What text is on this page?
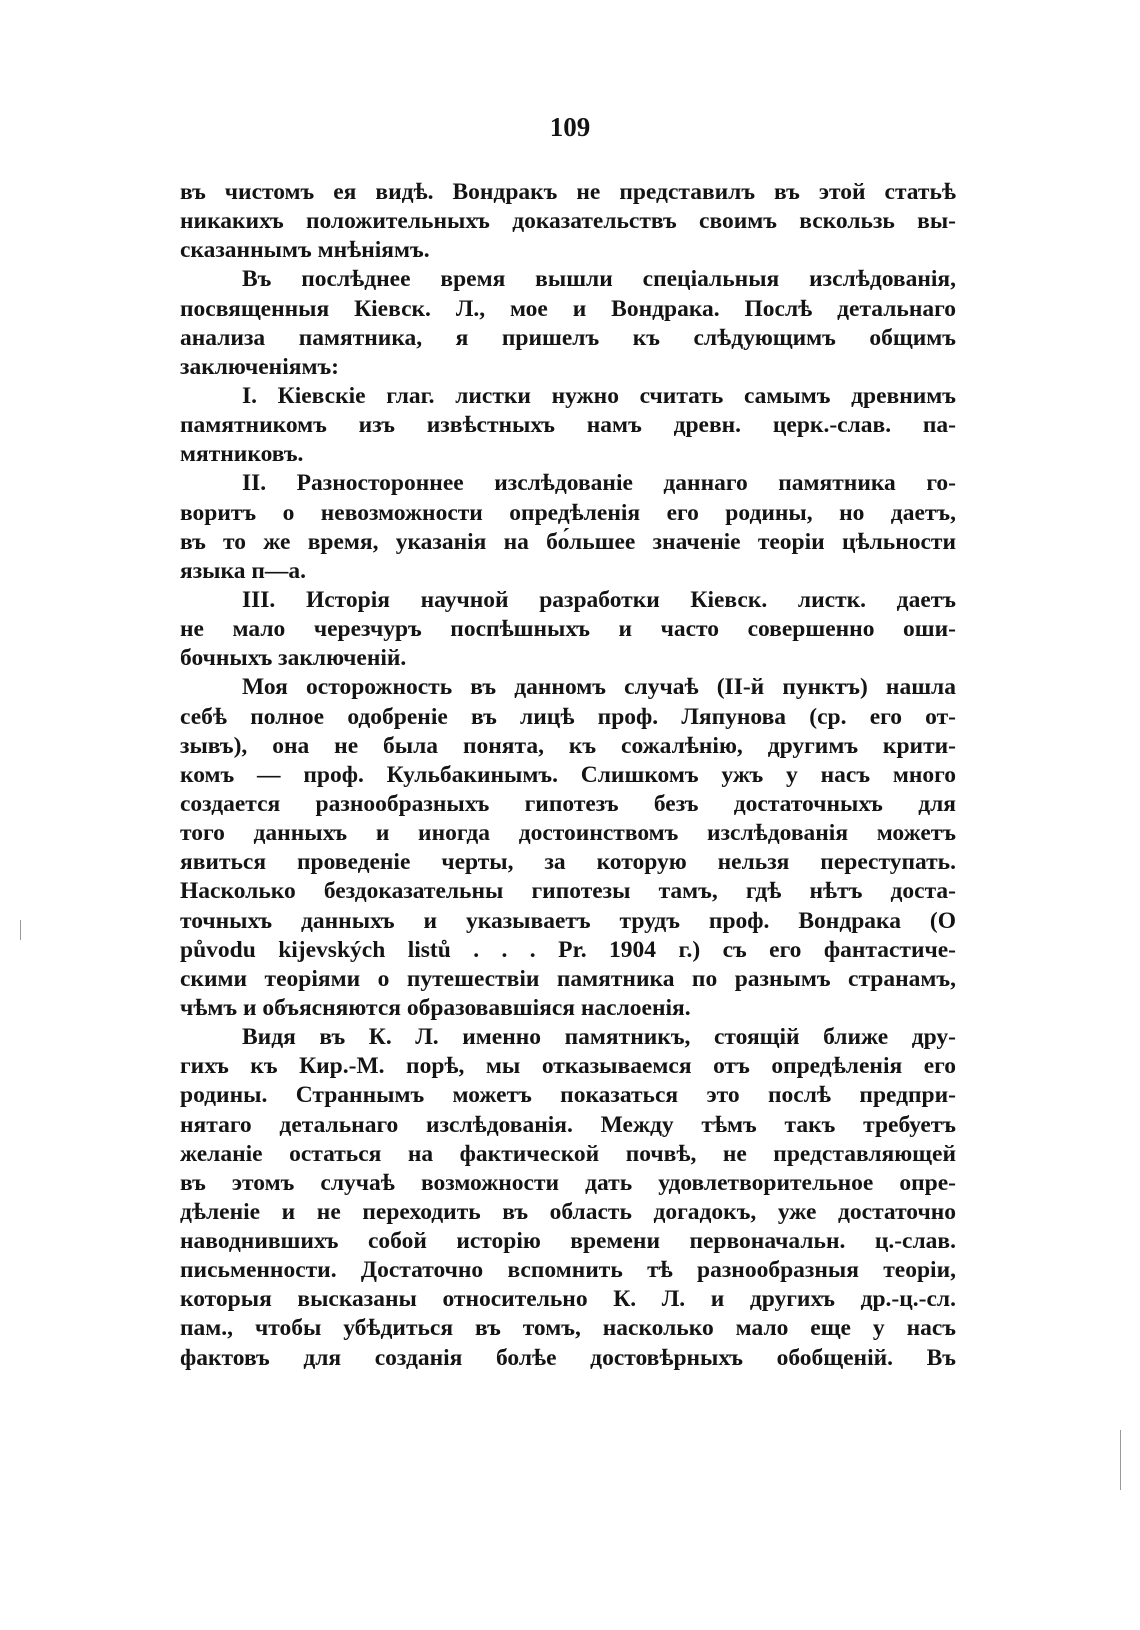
109
въ чистомъ ея видѣ. Вондракъ не представилъ въ этой статьѣ
никакихъ положительныхъ доказательствъ своимъ вскользь вы-
сказаннымъ мнѣніямъ.
Въ послѣднее время вышли спеціальныя изслѣдованія,
посвященныя Кіевск. Л., мое и Вондрака. Послѣ детальнаго
анализа памятника, я пришелъ къ слѣдующимъ общимъ
заключеніямъ:
I. Кіевскіе глаг. листки нужно считать самымъ древнимъ
памятникомъ изъ извѣстныхъ намъ древн. церк.-слав. па-
мятниковъ.
II. Разностороннее изслѣдованіе даннаго памятника го-
воритъ о невозможности опредѣленія его родины, но даетъ,
въ то же время, указанія на бо́льшее значеніе теоріи цѣльности
языка п—а.
III. Исторія научной разработки Кіевск. листк. даетъ
не мало черезчуръ поспѣшныхъ и часто совершенно оши-
бочныхъ заключеній.
Моя осторожность въ данномъ случаѣ (II-й пунктъ) нашла
себѣ полное одобреніе въ лицѣ проф. Ляпунова (ср. его от-
зывъ), она не была понята, къ сожалѣнію, другимъ крити-
комъ — проф. Кульбакинымъ. Слишкомъ ужъ у насъ много
создается разнообразныхъ гипотезъ безъ достаточныхъ для
того данныхъ и иногда достоинствомъ изслѣдованія можетъ
явиться проведеніе черты, за которую нельзя переступать.
Насколько бездоказательны гипотезы тамъ, гдѣ нѣтъ доста-
точныхъ данныхъ и указываетъ трудъ проф. Вондрака (O
původu kijevských listů . . . Pr. 1904 г.) съ его фантастиче-
скими теоріями о путешествіи памятника по разнымъ странамъ,
чѣмъ и объясняются образовавшіяся наслоенія.
Видя въ К. Л. именно памятникъ, стоящій ближе дру-
гихъ къ Кир.-М. порѣ, мы отказываемся отъ опредѣленія его
родины. Страннымъ можетъ показаться это послѣ предпри-
нятаго детальнаго изслѣдованія. Между тѣмъ такъ требуетъ
желаніе остаться на фактической почвѣ, не представляющей
въ этомъ случаѣ возможности дать удовлетворительное опре-
дѣленіе и не переходить въ область догадокъ, уже достаточно
наводнившихъ собой исторію времени первоначальн. ц.-слав.
письменности. Достаточно вспомнить тѣ разнообразныя теоріи,
которыя высказаны относительно К. Л. и другихъ др.-ц.-сл.
пам., чтобы убѣдиться въ томъ, насколько мало еще у насъ
фактовъ для созданія болѣе достовѣрныхъ обобщеній. Въ
